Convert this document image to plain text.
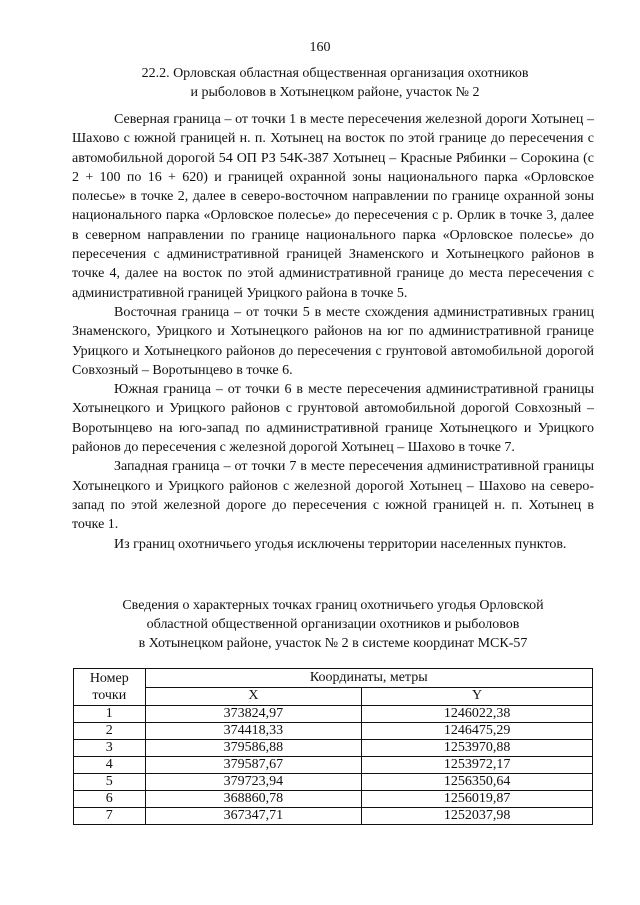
160
22.2. Орловская областная общественная организация охотников
и рыболовов в Хотынецком районе, участок № 2

Северная граница – от точки 1 в месте пересечения железной дороги Хотынец – Шахово с южной границей н. п. Хотынец на восток по этой границе до пересечения с автомобильной дорогой 54 ОП РЗ 54К-387 Хотынец – Красные Рябинки – Сорокина (с 2 + 100 по 16 + 620) и границей охранной зоны национального парка «Орловское полесье» в точке 2, далее в северо-восточном направлении по границе охранной зоны национального парка «Орловское полесье» до пересечения с р. Орлик в точке 3, далее в северном направлении по границе национального парка «Орловское полесье» до пересечения с административной границей Знаменского и Хотынецкого районов в точке 4, далее на восток по этой административной границе до места пересечения с административной границей Урицкого района в точке 5.

Восточная граница – от точки 5 в месте схождения административных границ Знаменского, Урицкого и Хотынецкого районов на юг по административной границе Урицкого и Хотынецкого районов до пересечения с грунтовой автомобильной дорогой Совхозный – Воротынцево в точке 6.

Южная граница – от точки 6 в месте пересечения административной границы Хотынецкого и Урицкого районов с грунтовой автомобильной дорогой Совхозный – Воротынцево на юго-запад по административной границе Хотынецкого и Урицкого районов до пересечения с железной дорогой Хотынец – Шахово в точке 7.

Западная граница – от точки 7 в месте пересечения административной границы Хотынецкого и Урицкого районов с железной дорогой Хотынец – Шахово на северо-запад по этой железной дороге до пересечения с южной границей н. п. Хотынец в точке 1.

Из границ охотничьего угодья исключены территории населенных пунктов.

Сведения о характерных точках границ охотничьего угодья Орловской
областной общественной организации охотников и рыболовов
в Хотынецком районе, участок № 2 в системе координат МСК-57
Номер
точки	Координаты, метры	
	X	Y
1	373824,97	1246022,38
2	374418,33	1246475,29
3	379586,88	1253970,88
4	379587,67	1253972,17
5	379723,94	1256350,64
6	368860,78	1256019,87
7	367347,71	1252037,98
